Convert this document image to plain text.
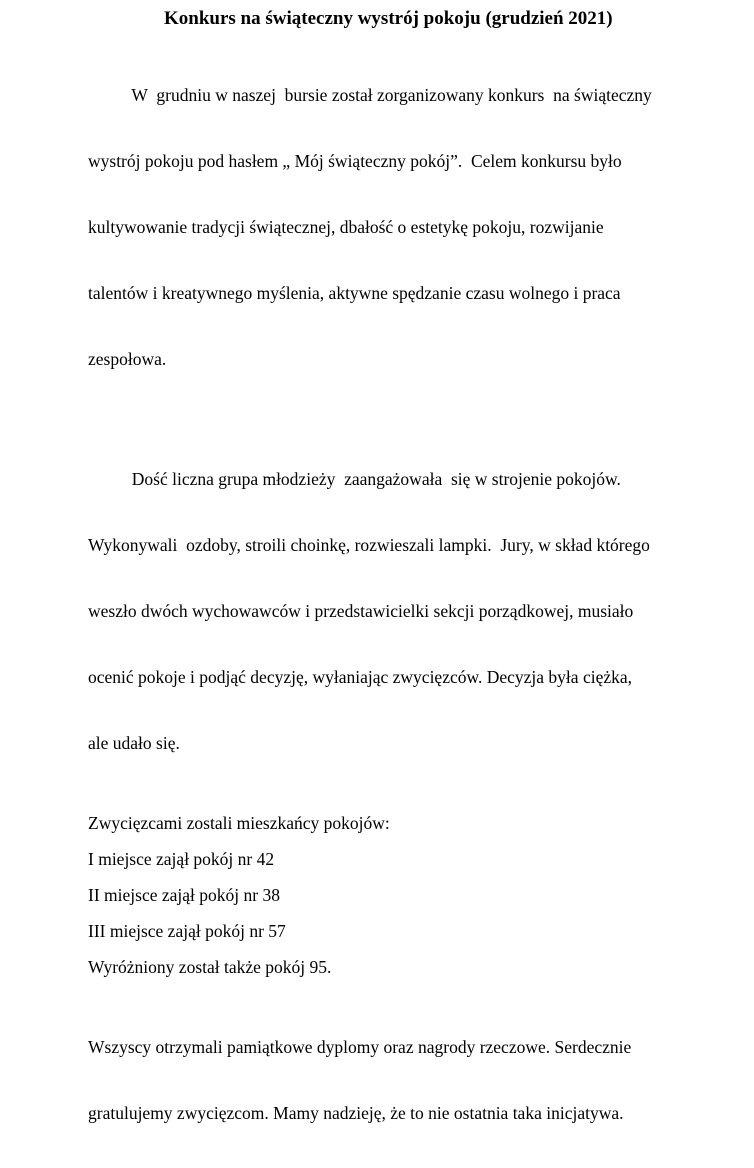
Konkurs na świąteczny wystrój pokoju (grudzień 2021)

W  grudniu w naszej  bursie został zorganizowany konkurs  na świąteczny

wystrój pokoju pod hasłem „ Mój świąteczny pokój”.  Celem konkursu było

kultywowanie tradycji świątecznej, dbałość o estetykę pokoju, rozwijanie

talentów i kreatywnego myślenia, aktywne spędzanie czasu wolnego i praca

zespołowa.

Dość liczna grupa młodzieży  zaangażowała  się w strojenie pokojów.

Wykonywali  ozdoby, stroili choinkę, rozwieszali lampki.  Jury, w skład którego

weszło dwóch wychowawców i przedstawicielki sekcji porządkowej, musiało

ocenić pokoje i podjąć decyzję, wyłaniając zwycięzców. Decyzja była ciężka,

ale udało się.

Zwycięzcami zostali mieszkańcy pokojów:
I miejsce zajął pokój nr 42
II miejsce zajął pokój nr 38
III miejsce zajął pokój nr 57
Wyróżniony został także pokój 95.

Wszyscy otrzymali pamiątkowe dyplomy oraz nagrody rzeczowe. Serdecznie

gratulujemy zwycięzcom. Mamy nadzieję, że to nie ostatnia taka inicjatywa.
